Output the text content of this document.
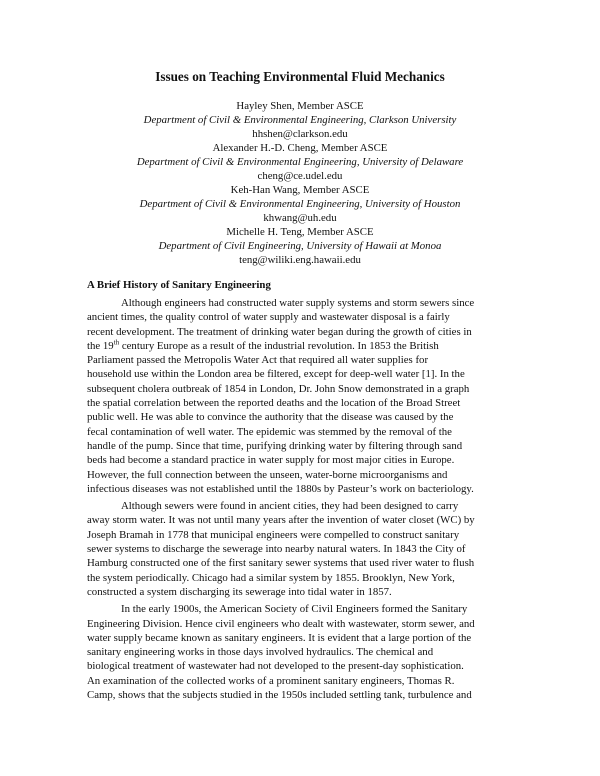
Issues on Teaching Environmental Fluid Mechanics
Hayley Shen, Member ASCE
Department of Civil & Environmental Engineering, Clarkson University
hhshen@clarkson.edu
Alexander H.-D. Cheng, Member ASCE
Department of Civil & Environmental Engineering, University of Delaware
cheng@ce.udel.edu
Keh-Han Wang, Member ASCE
Department of Civil & Environmental Engineering, University of Houston
khwang@uh.edu
Michelle H. Teng, Member ASCE
Department of Civil Engineering, University of Hawaii at Monoa
teng@wiliki.eng.hawaii.edu
A Brief History of Sanitary Engineering

Although engineers had constructed water supply systems and storm sewers since
ancient times, the quality control of water supply and wastewater disposal is a fairly
recent development. The treatment of drinking water began during the growth of cities in
the 19th century Europe as a result of the industrial revolution. In 1853 the British
Parliament passed the Metropolis Water Act that required all water supplies for
household use within the London area be filtered, except for deep-well water [1]. In the
subsequent cholera outbreak of 1854 in London, Dr. John Snow demonstrated in a graph
the spatial correlation between the reported deaths and the location of the Broad Street
public well. He was able to convince the authority that the disease was caused by the
fecal contamination of well water. The epidemic was stemmed by the removal of the
handle of the pump. Since that time, purifying drinking water by filtering through sand
beds had become a standard practice in water supply for most major cities in Europe.
However, the full connection between the unseen, water-borne microorganisms and
infectious diseases was not established until the 1880s by Pasteur’s work on bacteriology.

Although sewers were found in ancient cities, they had been designed to carry
away storm water. It was not until many years after the invention of water closet (WC) by
Joseph Bramah in 1778 that municipal engineers were compelled to construct sanitary
sewer systems to discharge the sewerage into nearby natural waters. In 1843 the City of
Hamburg constructed one of the first sanitary sewer systems that used river water to flush
the system periodically. Chicago had a similar system by 1855. Brooklyn, New York,
constructed a system discharging its sewerage into tidal water in 1857.

In the early 1900s, the American Society of Civil Engineers formed the Sanitary
Engineering Division. Hence civil engineers who dealt with wastewater, storm sewer, and
water supply became known as sanitary engineers. It is evident that a large portion of the
sanitary engineering works in those days involved hydraulics. The chemical and
biological treatment of wastewater had not developed to the present-day sophistication.
An examination of the collected works of a prominent sanitary engineers, Thomas R.
Camp, shows that the subjects studied in the 1950s included settling tank, turbulence and
